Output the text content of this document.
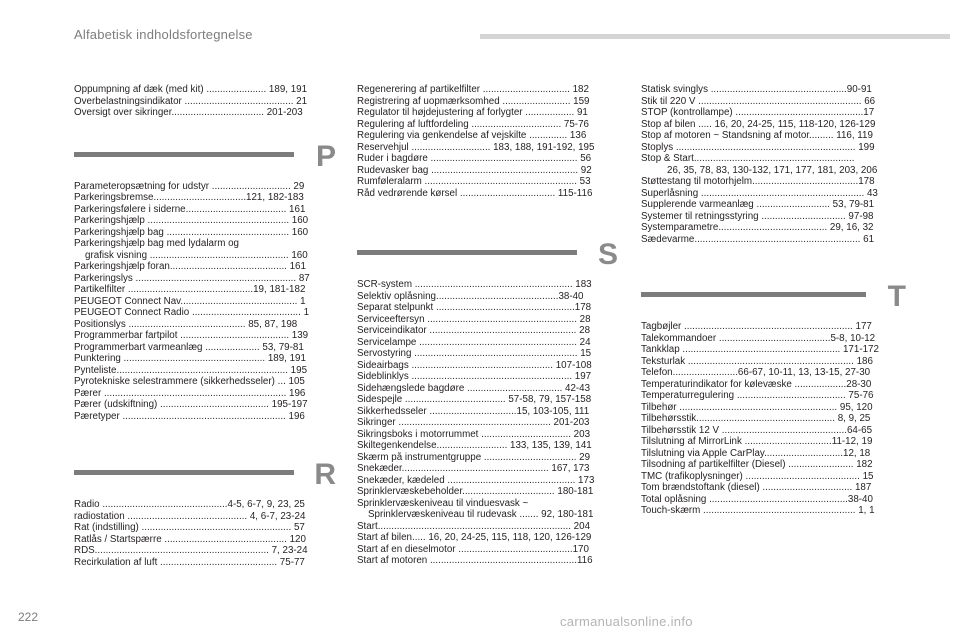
Alfabetisk indholdsfortegnelse
Oppumpning af dæk (med kit) ...................... 189, 191
Overbelastningsindikator ........................................ 21
Oversigt over sikringer.................................. 201-203
P
Parameteropsætning for udstyr ............................. 29
Parkeringsbremse..................................121, 182-183
Parkeringsfølere i siderne..................................... 161
Parkeringshjælp .................................................... 160
Parkeringshjælp bag ............................................. 160
Parkeringshjælp bag med lydalarm og
grafisk visning ................................................... 160
Parkeringshjælp foran........................................... 161
Parkeringslys ........................................................... 87
Partikelfilter ..............................................19, 181-182
PEUGEOT Connect Nav........................................... 1
PEUGEOT Connect Radio ........................................ 1
Positionslys ........................................... 85, 87, 198
Programmerbar fartpilot ........................................ 139
Programmerbart varmeanlæg .................... 53, 79-81
Punktering .................................................... 189, 191
Pynteliste............................................................... 195
Pyrotekniske selestrammere (sikkerhedsseler) ... 105
Pærer ................................................................... 196
Pærer (udskiftning) ........................................ 195-197
Pæretyper ............................................................ 196
R
Radio ..............................................4-5, 6-7, 9, 23, 25
radiostation ............................................ 4, 6-7, 23-24
Rat (indstilling) ....................................................... 57
Ratlås / Startspærre ............................................. 120
RDS................................................................ 7, 23-24
Recirkulation af luft ........................................... 75-77
Regenerering af partikelfilter ................................ 182
Registrering af uopmærksomhed ......................... 159
Regulator til højdejustering af forlygter .................. 91
Regulering af luftfordeling ................................. 75-76
Regulering via genkendelse af vejskilte .............. 136
Reservehjul ............................. 183, 188, 191-192, 195
Ruder i bagdøre ...................................................... 56
Rudevasker bag ...................................................... 92
Rumføleralarm ........................................................ 53
Råd vedrørende kørsel ................................... 115-116
S
SCR-system .......................................................... 183
Selektiv oplåsning.............................................38-40
Separat stelpunkt ...................................................178
Serviceeftersyn ....................................................... 28
Serviceindikator ...................................................... 28
Servicelampe .......................................................... 24
Servostyring ............................................................ 15
Sideairbags .................................................... 107-108
Sideblinklys ........................................................... 197
Sidehængslede bagdøre ................................... 42-43
Sidespejle ..................................... 57-58, 79, 157-158
Sikkerhedsseler ................................15, 103-105, 111
Sikringer ........................................................ 201-203
Sikringsboks i motorrummet ................................. 203
Skiltegenkendelse.......................... 133, 135, 139, 141
Skærm på instrumentgruppe .................................. 29
Snekæder...................................................... 167, 173
Snekæder, kædeled ............................................... 173
Sprinklervæskebeholder.................................. 180-181
Sprinklervæskeniveau til vinduesvask ~
Sprinklervæskeniveau til rudevask ....... 92, 180-181
Start....................................................................... 204
Start af bilen..... 16, 20, 24-25, 115, 118, 120, 126-129
Start af en dieselmotor ..........................................170
Start af motoren ......................................................116
Statisk svinglys ..................................................90-91
Stik til 220 V ............................................................ 66
STOP (kontrollampe) ...............................................17
Stop af bilen ..... 16, 20, 24-25, 115, 118-120, 126-129
Stop af motoren ~ Standsning af motor......... 116, 119
Stoplys .................................................................. 199
Stop & Start...........................................................
26, 35, 78, 83, 130-132, 171, 177, 181, 203, 206
Støttestang til motorhjelm.......................................178
Superlåsning ............................................................ 43
Supplerende varmeanlæg ........................... 53, 79-81
Systemer til retningsstyring ............................... 97-98
Systemparametre........................................ 29, 16, 32
Sædevarme............................................................. 61
T
Tagbøjler .............................................................. 177
Talekommandoer .........................................5-8, 10-12
Tankklap .......................................................... 171-172
Teksturlak ............................................................. 186
Telefon........................66-67, 10-11, 13, 13-15, 27-30
Temperaturindikator for kølevæske ...................28-30
Temperaturregulering ........................................ 75-76
Tilbehør .......................................................... 95, 120
Tilbehørsstik................................................... 8, 9, 25
Tilbehørsstik 12 V ..............................................64-65
Tilslutning af MirrorLink ................................11-12, 19
Tilslutning via Apple CarPlay.............................12, 18
Tilsodning af partikelfilter (Diesel) ........................ 182
TMC (trafikoplysninger) .......................................... 15
Tom brændstoftank (diesel) ................................. 187
Total oplåsning ...................................................38-40
Touch-skærm ........................................................ 1, 1
222	carmanualsonline.info
